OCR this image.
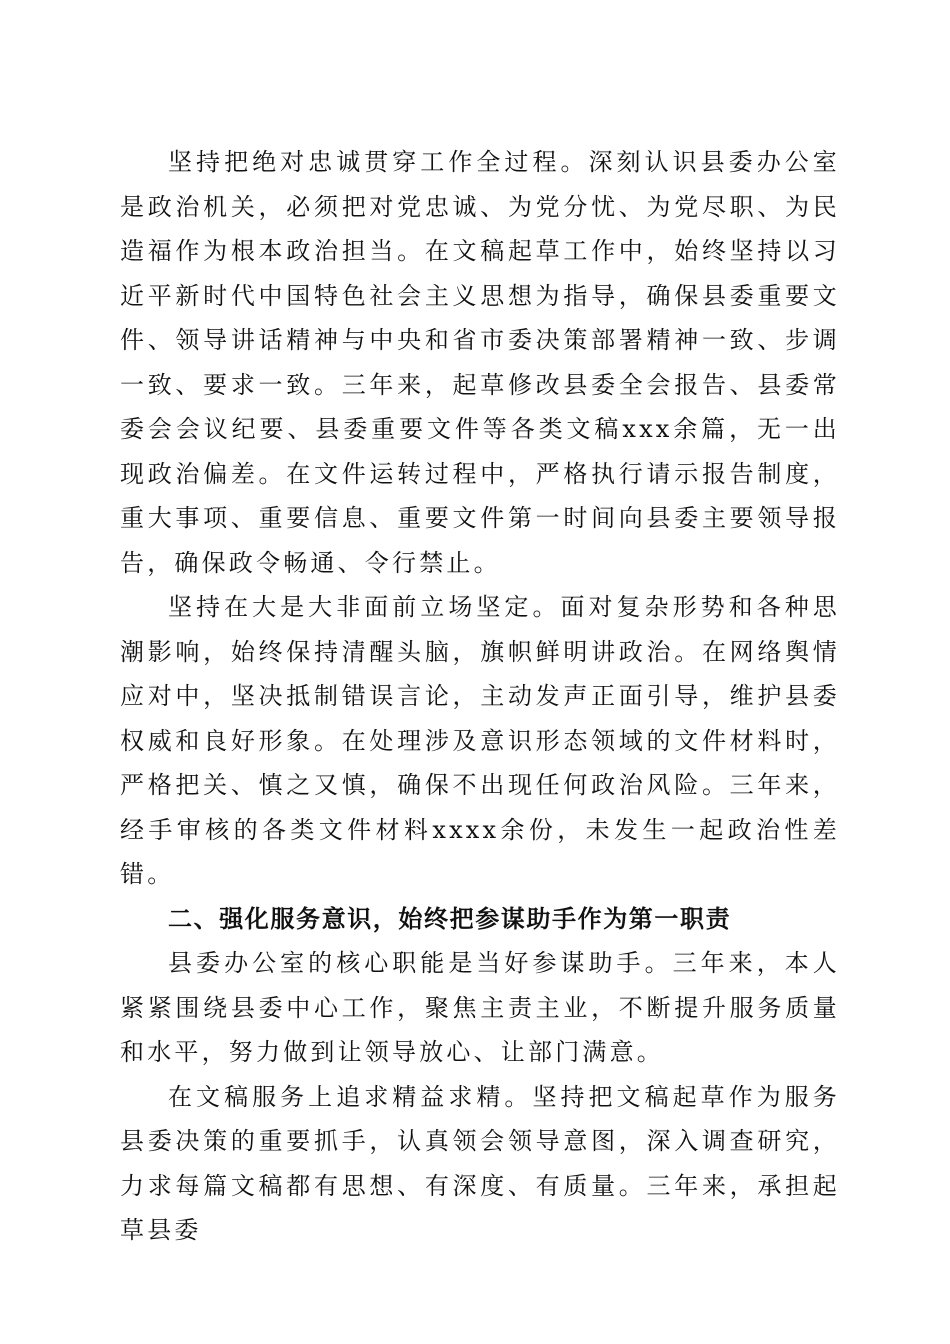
坚持把绝对忠诚贯穿工作全过程。深刻认识县委办公室是政治机关，必须把对党忠诚、为党分忧、为党尽职、为民造福作为根本政治担当。在文稿起草工作中，始终坚持以习近平新时代中国特色社会主义思想为指导，确保县委重要文件、领导讲话精神与中央和省市委决策部署精神一致、步调一致、要求一致。三年来，起草修改县委全会报告、县委常委会会议纪要、县委重要文件等各类文稿xxx余篇，无一出现政治偏差。在文件运转过程中，严格执行请示报告制度，重大事项、重要信息、重要文件第一时间向县委主要领导报告，确保政令畅通、令行禁止。

坚持在大是大非面前立场坚定。面对复杂形势和各种思潮影响，始终保持清醒头脑，旗帜鲜明讲政治。在网络舆情应对中，坚决抵制错误言论，主动发声正面引导，维护县委权威和良好形象。在处理涉及意识形态领域的文件材料时，严格把关、慎之又慎，确保不出现任何政治风险。三年来，经手审核的各类文件材料xxxx余份，未发生一起政治性差错。

二、强化服务意识，始终把参谋助手作为第一职责

县委办公室的核心职能是当好参谋助手。三年来，本人紧紧围绕县委中心工作，聚焦主责主业，不断提升服务质量和水平，努力做到让领导放心、让部门满意。

在文稿服务上追求精益求精。坚持把文稿起草作为服务县委决策的重要抓手，认真领会领导意图，深入调查研究，力求每篇文稿都有思想、有深度、有质量。三年来，承担起草县委
